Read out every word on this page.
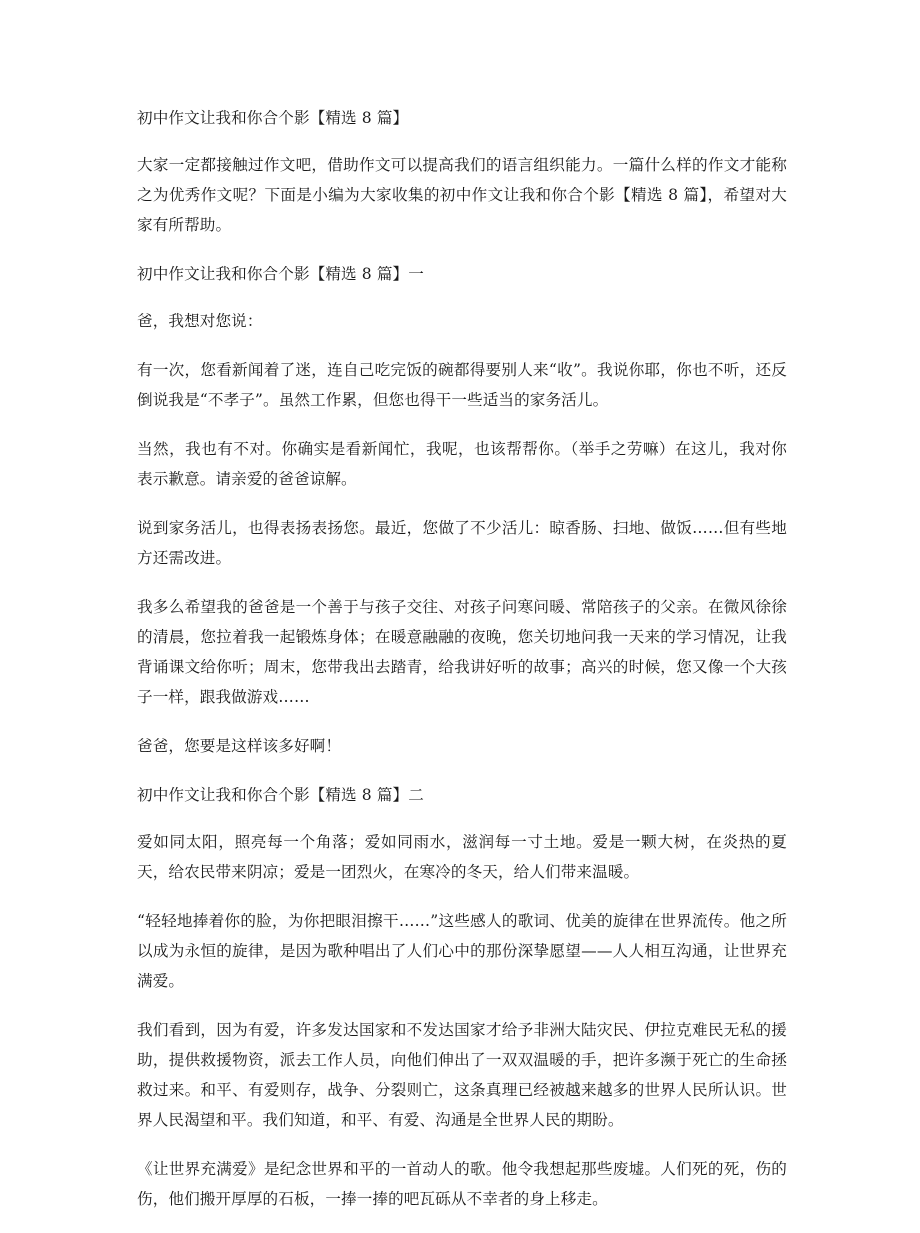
初中作文让我和你合个影【精选 8 篇】

大家一定都接触过作文吧，借助作文可以提高我们的语言组织能力。一篇什么样的作文才能称之为优秀作文呢？下面是小编为大家收集的初中作文让我和你合个影【精选 8 篇】，希望对大家有所帮助。

初中作文让我和你合个影【精选 8 篇】一

爸，我想对您说：

有一次，您看新闻着了迷，连自己吃完饭的碗都得要别人来“收”。我说你耶，你也不听，还反倒说我是“不孝子”。虽然工作累，但您也得干一些适当的家务活儿。

当然，我也有不对。你确实是看新闻忙，我呢，也该帮帮你。（举手之劳嘛）在这儿，我对你表示歉意。请亲爱的爸爸谅解。

说到家务活儿，也得表扬表扬您。最近，您做了不少活儿：晾香肠、扫地、做饭……但有些地方还需改进。

我多么希望我的爸爸是一个善于与孩子交往、对孩子问寒问暖、常陪孩子的父亲。在微风徐徐的清晨，您拉着我一起锻炼身体；在暖意融融的夜晚，您关切地问我一天来的学习情况，让我背诵课文给你听；周末，您带我出去踏青，给我讲好听的故事；高兴的时候，您又像一个大孩子一样，跟我做游戏……

爸爸，您要是这样该多好啊！

初中作文让我和你合个影【精选 8 篇】二

爱如同太阳，照亮每一个角落；爱如同雨水，滋润每一寸土地。爱是一颗大树，在炎热的夏天，给农民带来阴凉；爱是一团烈火，在寒冷的冬天，给人们带来温暖。

“轻轻地捧着你的脸，为你把眼泪擦干……”这些感人的歌词、优美的旋律在世界流传。他之所以成为永恒的旋律，是因为歌种唱出了人们心中的那份深挚愿望——人人相互沟通，让世界充满爱。

我们看到，因为有爱，许多发达国家和不发达国家才给予非洲大陆灾民、伊拉克难民无私的援助，提供救援物资，派去工作人员，向他们伸出了一双双温暖的手，把许多濒于死亡的生命拯救过来。和平、有爱则存，战争、分裂则亡，这条真理已经被越来越多的世界人民所认识。世界人民渴望和平。我们知道，和平、有爱、沟通是全世界人民的期盼。

《让世界充满爱》是纪念世界和平的一首动人的歌。他令我想起那些废墟。人们死的死，伤的伤，他们搬开厚厚的石板，一捧一捧的吧瓦砾从不幸者的身上移走。
